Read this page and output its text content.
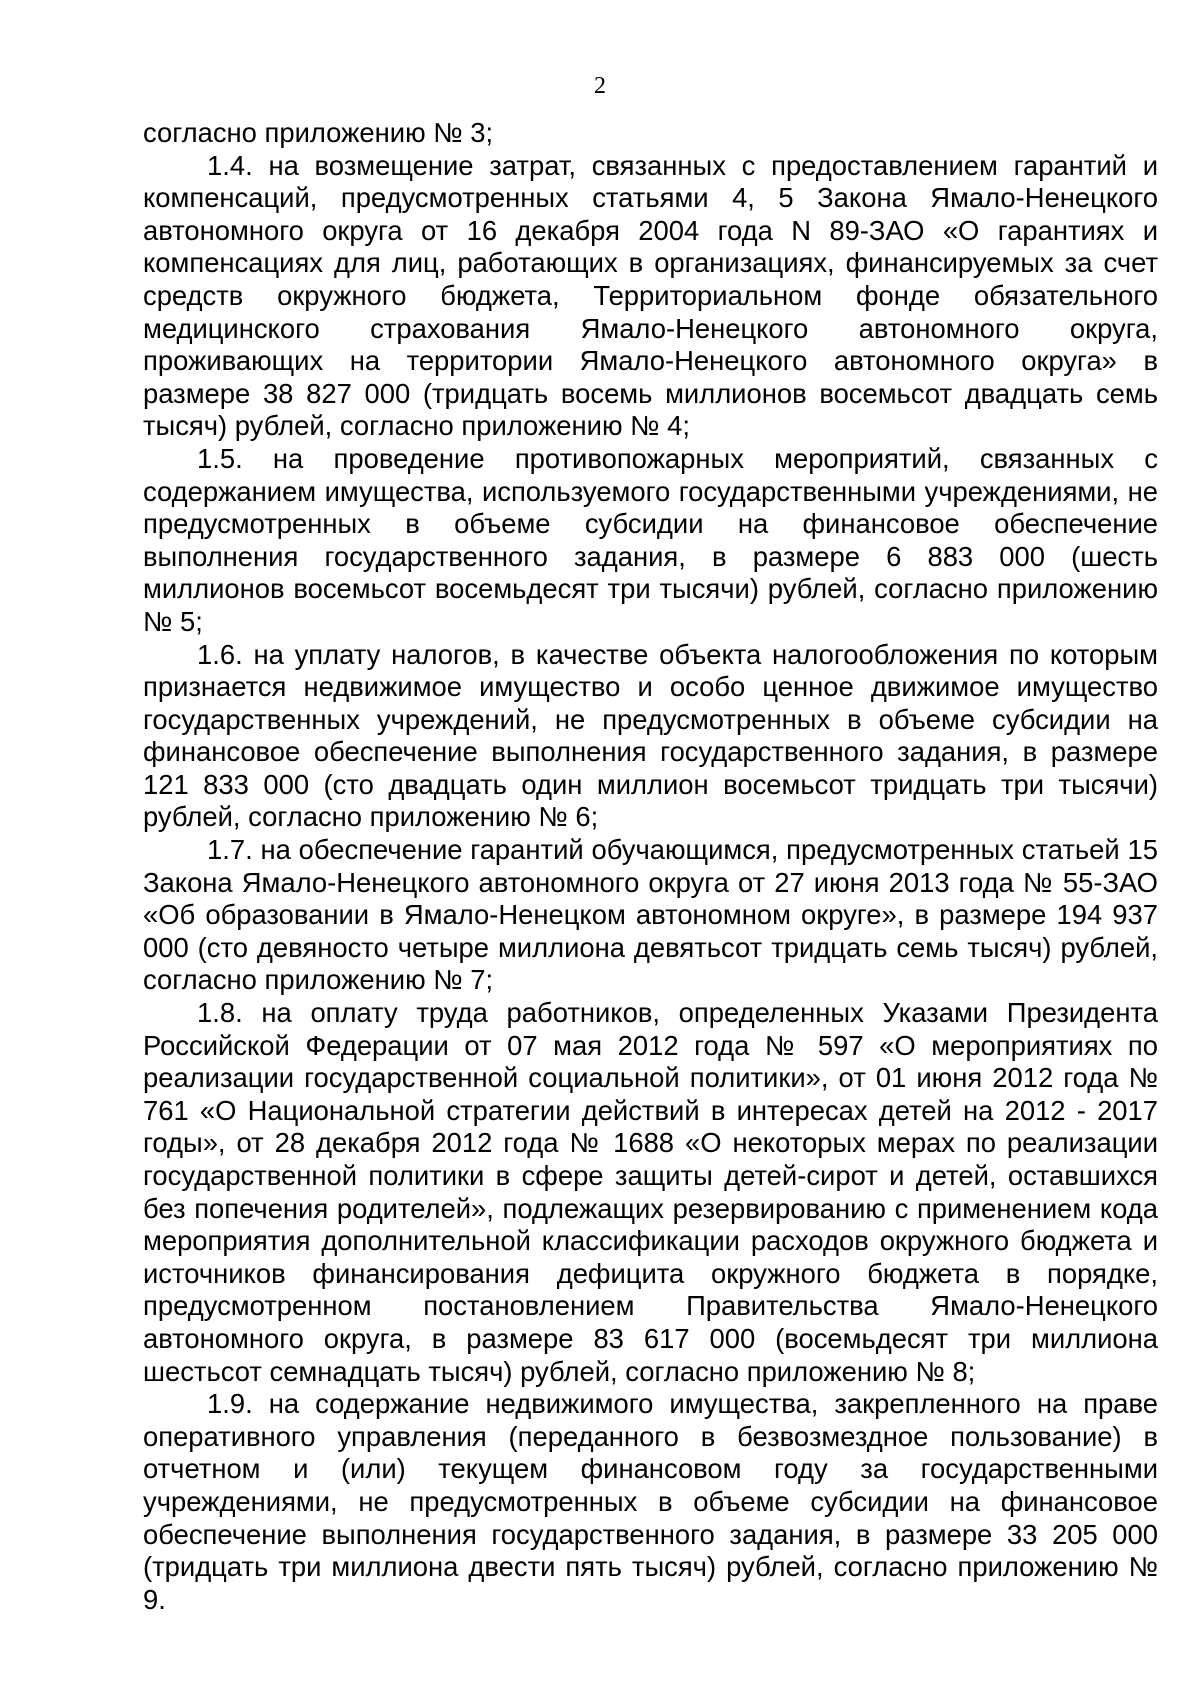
2

согласно приложению № 3;

1.4. на возмещение затрат, связанных с предоставлением гарантий и компенсаций, предусмотренных статьями 4, 5 Закона Ямало-Ненецкого автономного округа от 16 декабря 2004 года N 89-ЗАО «О гарантиях и компенсациях для лиц, работающих в организациях, финансируемых за счет средств окружного бюджета, Территориальном фонде обязательного медицинского страхования Ямало-Ненецкого автономного округа, проживающих на территории Ямало-Ненецкого автономного округа» в размере 38 827 000 (тридцать восемь миллионов восемьсот двадцать семь тысяч) рублей, согласно приложению № 4;

1.5. на проведение противопожарных мероприятий, связанных с содержанием имущества, используемого государственными учреждениями, не предусмотренных в объеме субсидии на финансовое обеспечение выполнения государственного задания, в размере 6 883 000 (шесть миллионов восемьсот восемьдесят три тысячи) рублей, согласно приложению № 5;

1.6. на уплату налогов, в качестве объекта налогообложения по которым признается недвижимое имущество и особо ценное движимое имущество государственных учреждений, не предусмотренных в объеме субсидии на финансовое обеспечение выполнения государственного задания, в размере 121 833 000 (сто двадцать один миллион восемьсот тридцать три тысячи) рублей, согласно приложению № 6;

1.7. на обеспечение гарантий обучающимся, предусмотренных статьей 15 Закона Ямало-Ненецкого автономного округа от 27 июня 2013 года № 55-ЗАО «Об образовании в Ямало-Ненецком автономном округе», в размере 194 937 000 (сто девяносто четыре миллиона девятьсот тридцать семь тысяч) рублей, согласно приложению № 7;

1.8. на оплату труда работников, определенных Указами Президента Российской Федерации от 07 мая 2012 года № 597 «О мероприятиях по реализации государственной социальной политики», от 01 июня 2012 года № 761 «О Национальной стратегии действий в интересах детей на 2012 - 2017 годы», от 28 декабря 2012 года № 1688 «О некоторых мерах по реализации государственной политики в сфере защиты детей-сирот и детей, оставшихся без попечения родителей», подлежащих резервированию с применением кода мероприятия дополнительной классификации расходов окружного бюджета и источников финансирования дефицита окружного бюджета в порядке, предусмотренном постановлением Правительства Ямало-Ненецкого автономного округа, в размере 83 617 000 (восемьдесят три миллиона шестьсот семнадцать тысяч) рублей, согласно приложению № 8;

1.9. на содержание недвижимого имущества, закрепленного на праве оперативного управления (переданного в безвозмездное пользование) в отчетном и (или) текущем финансовом году за государственными учреждениями, не предусмотренных в объеме субсидии на финансовое обеспечение выполнения государственного задания, в размере 33 205 000 (тридцать три миллиона двести пять тысяч) рублей, согласно приложению № 9.
